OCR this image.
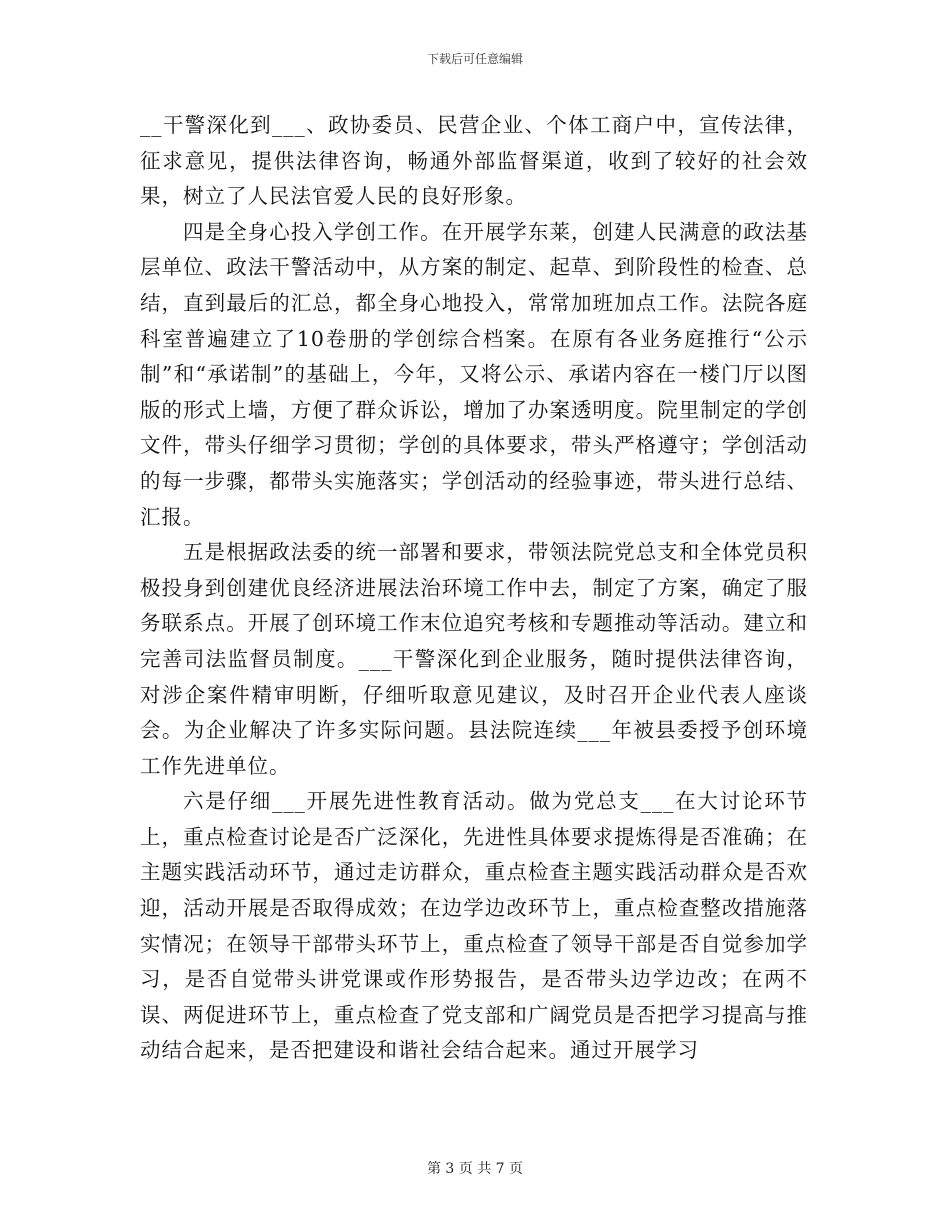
下载后可任意编辑

__干警深化到___、政协委员、民营企业、个体工商户中，宣传法律，征求意见，提供法律咨询，畅通外部监督渠道，收到了较好的社会效果，树立了人民法官爱人民的良好形象。

四是全身心投入学创工作。在开展学东莱，创建人民满意的政法基层单位、政法干警活动中，从方案的制定、起草、到阶段性的检查、总结，直到最后的汇总，都全身心地投入，常常加班加点工作。法院各庭科室普遍建立了10卷册的学创综合档案。在原有各业务庭推行“公示制”和“承诺制”的基础上，今年，又将公示、承诺内容在一楼门厅以图版的形式上墙，方便了群众诉讼，增加了办案透明度。院里制定的学创文件，带头仔细学习贯彻；学创的具体要求，带头严格遵守；学创活动的每一步骤，都带头实施落实；学创活动的经验事迹，带头进行总结、汇报。

五是根据政法委的统一部署和要求，带领法院党总支和全体党员积极投身到创建优良经济进展法治环境工作中去，制定了方案，确定了服务联系点。开展了创环境工作末位追究考核和专题推动等活动。建立和完善司法监督员制度。___干警深化到企业服务，随时提供法律咨询，对涉企案件精审明断，仔细听取意见建议，及时召开企业代表人座谈会。为企业解决了许多实际问题。县法院连续___年被县委授予创环境工作先进单位。

六是仔细___开展先进性教育活动。做为党总支___在大讨论环节上，重点检查讨论是否广泛深化，先进性具体要求提炼得是否准确；在主题实践活动环节，通过走访群众，重点检查主题实践活动群众是否欢迎，活动开展是否取得成效；在边学边改环节上，重点检查整改措施落实情况；在领导干部带头环节上，重点检查了领导干部是否自觉参加学习，是否自觉带头讲党课或作形势报告，是否带头边学边改；在两不误、两促进环节上，重点检查了党支部和广阔党员是否把学习提高与推动结合起来，是否把建设和谐社会结合起来。通过开展学习

第 3 页 共 7 页
